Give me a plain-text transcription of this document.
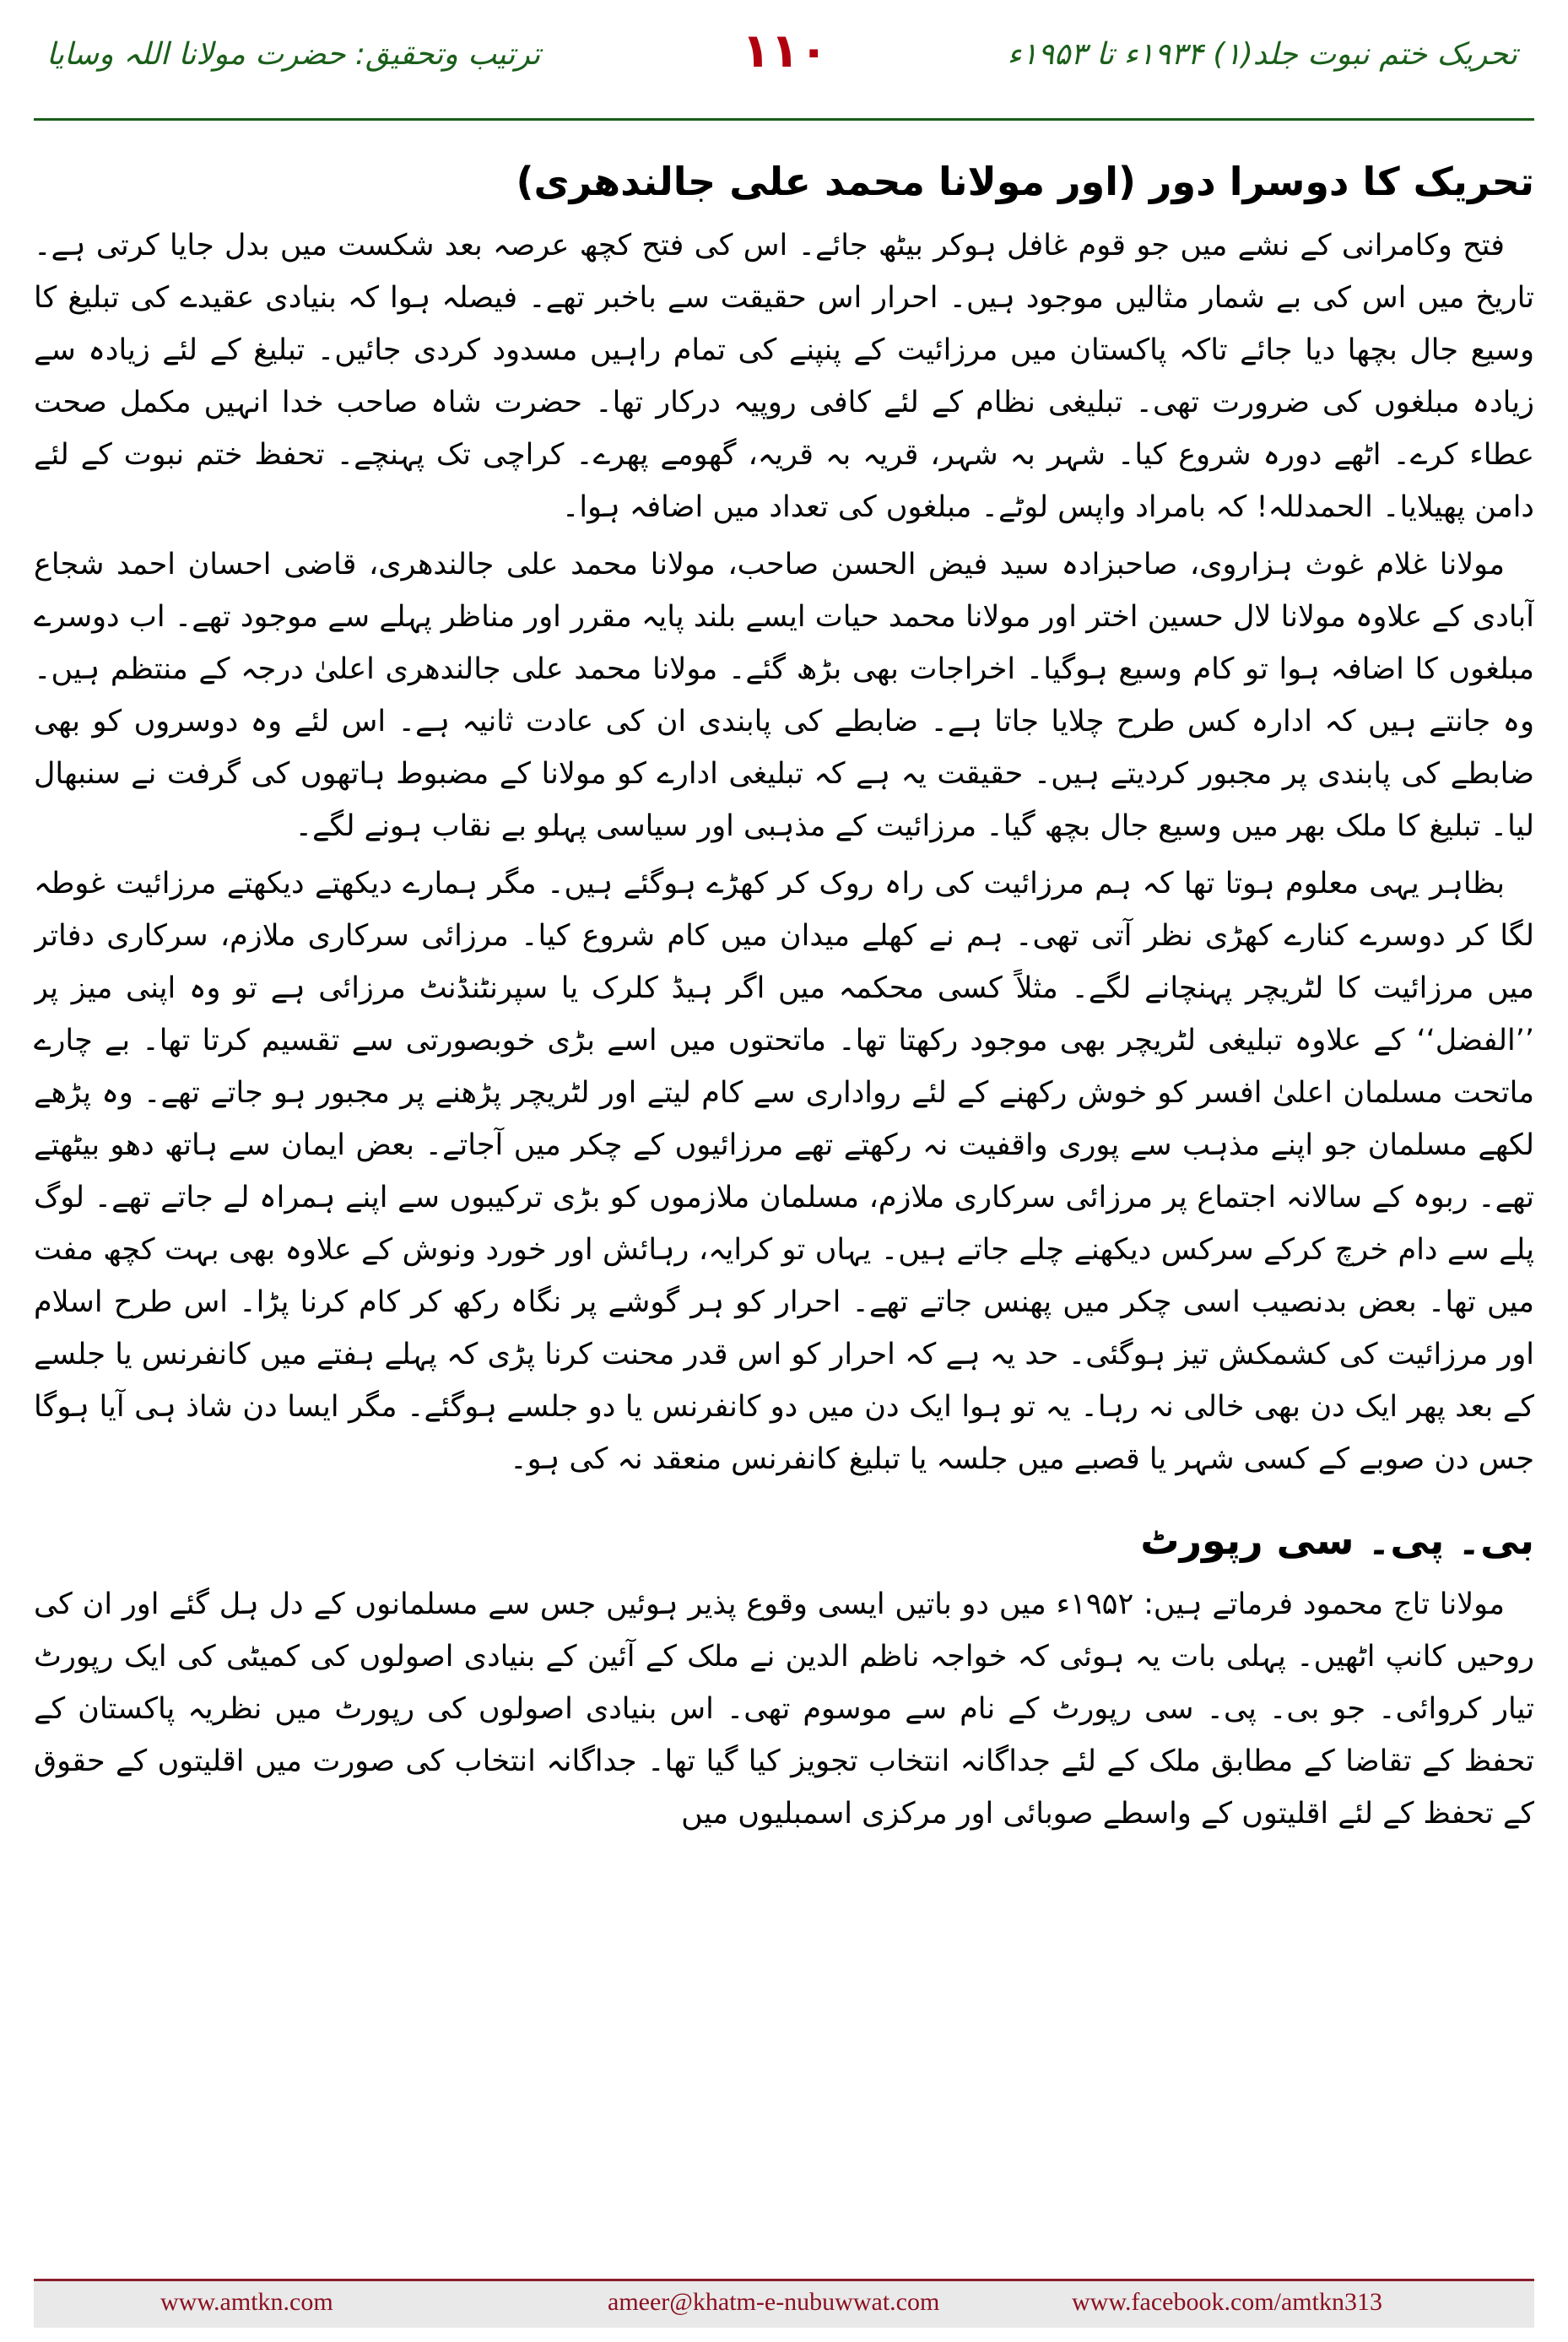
ترتیب وتحقیق: حضرت مولانا اللہ وسایا	۱۱۰	تحریک ختم نبوت جلد(۱) ۱۹۳۴ء تا ۱۹۵۳ء
تحریک کا دوسرا دور (اور مولانا محمد علی جالندھری)

فتح وکامرانی کے نشے میں جو قوم غافل ہوکر بیٹھ جائے۔ اس کی فتح کچھ عرصہ بعد شکست میں بدل جایا کرتی ہے۔ تاریخ میں اس کی بے شمار مثالیں موجود ہیں۔ احرار اس حقیقت سے باخبر تھے۔ فیصلہ ہوا کہ بنیادی عقیدے کی تبلیغ کا وسیع جال بچھا دیا جائے تاکہ پاکستان میں مرزائیت کے پنپنے کی تمام راہیں مسدود کردی جائیں۔ تبلیغ کے لئے زیادہ سے زیادہ مبلغوں کی ضرورت تھی۔ تبلیغی نظام کے لئے کافی روپیہ درکار تھا۔ حضرت شاہ صاحب خدا انہیں مکمل صحت عطاء کرے۔ اٹھے دورہ شروع کیا۔ شہر بہ شہر، قریہ بہ قریہ، گھومے پھرے۔ کراچی تک پہنچے۔ تحفظ ختم نبوت کے لئے دامن پھیلایا۔ الحمدللہ! کہ بامراد واپس لوٹے۔ مبلغوں کی تعداد میں اضافہ ہوا۔

مولانا غلام غوث ہزاروی، صاحبزادہ سید فیض الحسن صاحب، مولانا محمد علی جالندھری، قاضی احسان احمد شجاع آبادی کے علاوہ مولانا لال حسین اختر اور مولانا محمد حیات ایسے بلند پایہ مقرر اور مناظر پہلے سے موجود تھے۔ اب دوسرے مبلغوں کا اضافہ ہوا تو کام وسیع ہوگیا۔ اخراجات بھی بڑھ گئے۔ مولانا محمد علی جالندھری اعلیٰ درجہ کے منتظم ہیں۔ وہ جانتے ہیں کہ ادارہ کس طرح چلایا جاتا ہے۔ ضابطے کی پابندی ان کی عادت ثانیہ ہے۔ اس لئے وہ دوسروں کو بھی ضابطے کی پابندی پر مجبور کردیتے ہیں۔ حقیقت یہ ہے کہ تبلیغی ادارے کو مولانا کے مضبوط ہاتھوں کی گرفت نے سنبھال لیا۔ تبلیغ کا ملک بھر میں وسیع جال بچھ گیا۔ مرزائیت کے مذہبی اور سیاسی پہلو بے نقاب ہونے لگے۔

بظاہر یہی معلوم ہوتا تھا کہ ہم مرزائیت کی راہ روک کر کھڑے ہوگئے ہیں۔ مگر ہمارے دیکھتے دیکھتے مرزائیت غوطہ لگا کر دوسرے کنارے کھڑی نظر آتی تھی۔ ہم نے کھلے میدان میں کام شروع کیا۔ مرزائی سرکاری ملازم، سرکاری دفاتر میں مرزائیت کا لٹریچر پہنچانے لگے۔ مثلاً کسی محکمہ میں اگر ہیڈ کلرک یا سپرنٹنڈنٹ مرزائی ہے تو وہ اپنی میز پر ’’الفضل‘‘ کے علاوہ تبلیغی لٹریچر بھی موجود رکھتا تھا۔ ماتحتوں میں اسے بڑی خوبصورتی سے تقسیم کرتا تھا۔ بے چارے ماتحت مسلمان اعلیٰ افسر کو خوش رکھنے کے لئے رواداری سے کام لیتے اور لٹریچر پڑھنے پر مجبور ہو جاتے تھے۔ وہ پڑھے لکھے مسلمان جو اپنے مذہب سے پوری واقفیت نہ رکھتے تھے مرزائیوں کے چکر میں آجاتے۔ بعض ایمان سے ہاتھ دھو بیٹھتے تھے۔ ربوہ کے سالانہ اجتماع پر مرزائی سرکاری ملازم، مسلمان ملازموں کو بڑی ترکیبوں سے اپنے ہمراہ لے جاتے تھے۔ لوگ پلے سے دام خرچ کرکے سرکس دیکھنے چلے جاتے ہیں۔ یہاں تو کرایہ، رہائش اور خورد ونوش کے علاوہ بھی بہت کچھ مفت میں تھا۔ بعض بدنصیب اسی چکر میں پھنس جاتے تھے۔ احرار کو ہر گوشے پر نگاہ رکھ کر کام کرنا پڑا۔ اس طرح اسلام اور مرزائیت کی کشمکش تیز ہوگئی۔ حد یہ ہے کہ احرار کو اس قدر محنت کرنا پڑی کہ پہلے ہفتے میں کانفرنس یا جلسے کے بعد پھر ایک دن بھی خالی نہ رہا۔ یہ تو ہوا ایک دن میں دو کانفرنس یا دو جلسے ہوگئے۔ مگر ایسا دن شاذ ہی آیا ہوگا جس دن صوبے کے کسی شہر یا قصبے میں جلسہ یا تبلیغ کانفرنس منعقد نہ کی ہو۔

بی۔ پی۔ سی رپورٹ

مولانا تاج محمود فرماتے ہیں: ۱۹۵۲ء میں دو باتیں ایسی وقوع پذیر ہوئیں جس سے مسلمانوں کے دل ہل گئے اور ان کی روحیں کانپ اٹھیں۔ پہلی بات یہ ہوئی کہ خواجہ ناظم الدین نے ملک کے آئین کے بنیادی اصولوں کی کمیٹی کی ایک رپورٹ تیار کروائی۔ جو بی۔ پی۔ سی رپورٹ کے نام سے موسوم تھی۔ اس بنیادی اصولوں کی رپورٹ میں نظریہ پاکستان کے تحفظ کے تقاضا کے مطابق ملک کے لئے جداگانہ انتخاب تجویز کیا گیا تھا۔ جداگانہ انتخاب کی صورت میں اقلیتوں کے حقوق کے تحفظ کے لئے اقلیتوں کے واسطے صوبائی اور مرکزی اسمبلیوں میں

www.amtkn.com	ameer@khatm-e-nubuwwat.com	www.facebook.com/amtkn313
